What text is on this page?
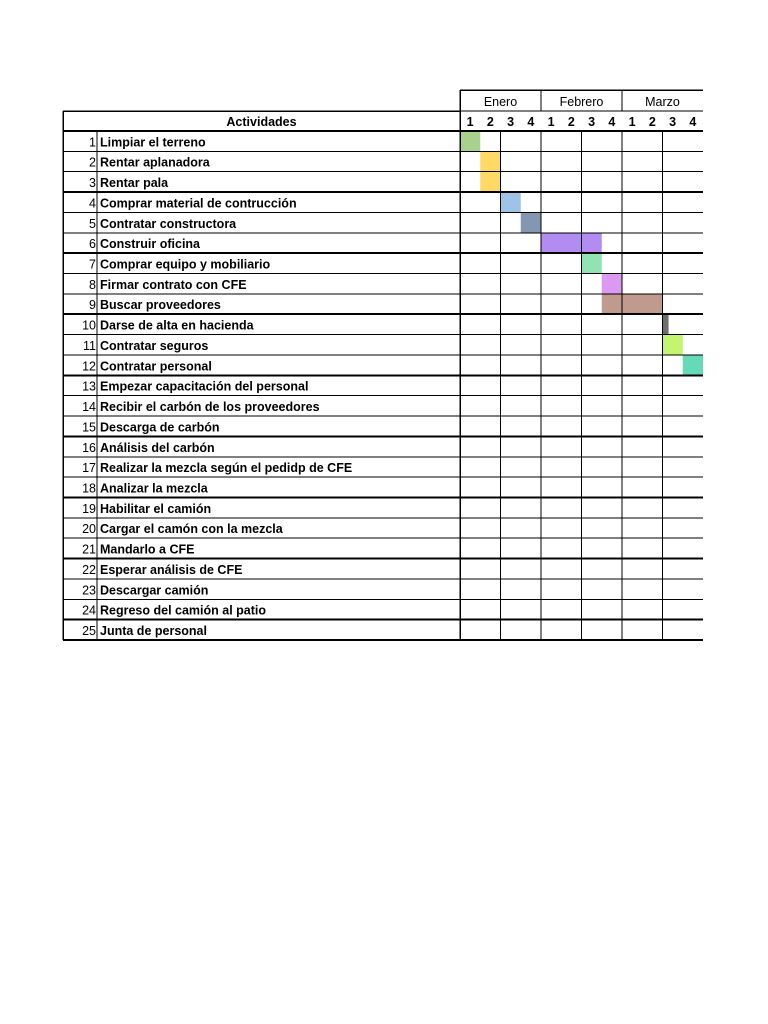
Enero
1 2 3 4
Febrero
1 2 3 4
Marzo
1 2 3 4
Actividades
1 Limpiar el terreno
2 Rentar aplanadora
3 Rentar pala
4 Comprar material de contrucción
5 Contratar constructora
6 Construir oficina
7 Comprar equipo y mobiliario
8 Firmar contrato con CFE
9 Buscar proveedores
10 Darse de alta en hacienda
11 Contratar seguros
12 Contratar personal
13 Empezar capacitación del personal
14 Recibir el carbón de los proveedores
15 Descarga de carbón
16 Análisis del carbón
17 Realizar la mezcla según el pedidp de CFE
18 Analizar la mezcla
19 Habilitar el camión
20 Cargar el camón con la mezcla
21 Mandarlo a CFE
22 Esperar análisis de CFE
23 Descargar camión
24 Regreso del camión al patio
25 Junta de personal
